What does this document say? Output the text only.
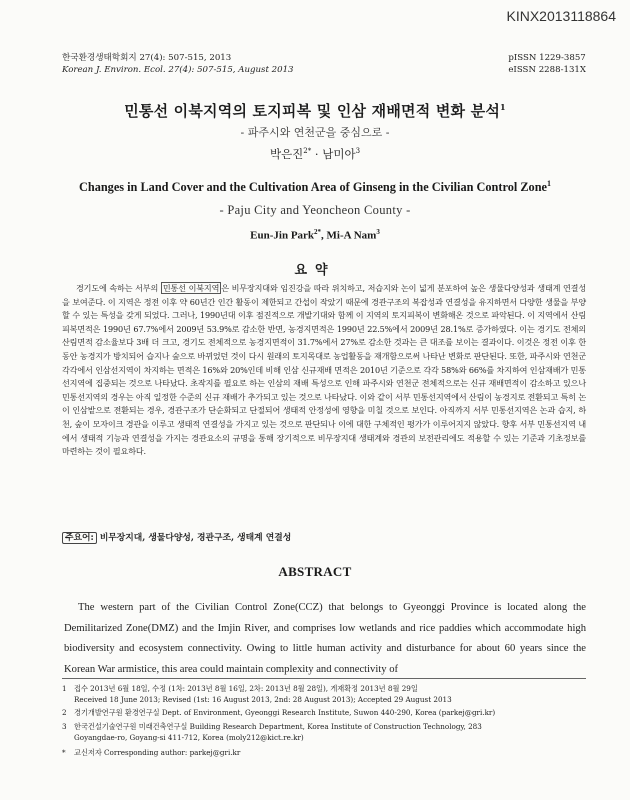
KINX2013118864
한국환경생태학회지 27(4): 507-515, 2013
Korean J. Environ. Ecol. 27(4): 507-515, August 2013
pISSN 1229-3857
eISSN 2288-131X
민통선 이북지역의 토지피복 및 인삼 재배면적 변화 분석$^1$
- 파주시와 연천군을 중심으로 -
박은진$^{2*}$ · 남미아$^3$
Changes in Land Cover and the Cultivation Area of Ginseng in the Civilian Control Zone$^1$
- Paju City and Yeoncheon County -
Eun-Jin Park$^{2*}$, Mi-A Nam$^3$
요약
경기도에 속하는 서부의 민통선 이북지역 은 비무장지대와 임진강을 따라 위치하고, 저습지와 논이 넓게 분포하여 높은 생물다양성과 생태계 연결성을 보여준다. 이 지역은 정전 이후 약 60년간 인간 활동이 제한되고 간섭이 작았기 때문에 경관구조의 복잡성과 연결성을 유지하면서 다양한 생물을 부양할 수 있는 특성을 갖게 되었다. 그러나, 1990년대 이후 점진적으로 개발기대와 함께 이 지역의 토지피복이 변화해온 것으로 파악된다. 이 지역에서 산림 피복면적은 1990년 67.7%에서 2009년 53.9%로 감소한 반면, 농경지면적은 1990년 22.5%에서 2009년 28.1%로 증가하였다. 이는 경기도 전체의 산림면적 감소율보다 3배 더 크고, 경기도 전체적으로 농경지면적이 31.7%에서 27%로 감소한 것과는 큰 대조를 보이는 결과이다. 이것은 정전 이후 한동안 농경지가 방치되어 습지나 숲으로 바뀌었던 것이 다시 원래의 토지목대로 농업활동을 재개함으로써 나타난 변화로 판단된다. 또한, 파주시와 연천군 각각에서 인삼선지역이 차지하는 면적은 16%와 20%인데 비해 인삼 신규재배 면적은 2010년 기준으로 각각 58%와 66%를 차지하여 인삼재배가 민통선지역에 집중되는 것으로 나타났다. 초작지를 필요로 하는 인삼의 재배 특성으로 인해 파주시와 연천군 전체적으로는 신규 재배면적이 감소하고 있으나 민통선지역의 경우는 아직 일정한 수준의 신규 재배가 추가되고 있는 것으로 나타났다. 이와 같이 서부 민통선지역에서 산림이 농경지로 전환되고 특히 논이 인삼밭으로 전환되는 경우, 경관구조가 단순화되고 단절되어 생태적 안정성에 영향을 미칠 것으로 보인다. 아직까지 서부 민통선지역은 논과 습지, 하천, 숲이 모자이크 경관을 이루고 생태적 연결성을 가지고 있는 것으로 판단되나 이에 대한 구체적인 평가가 이루어지지 않았다. 향후 서부 민통선지역 내에서 생태적 기능과 연결성을 가지는 경관요소의 규명을 통해 장기적으로 비무장지대 생태계와 경관의 보전관리에도 적용할 수 있는 기준과 기초정보를 마련하는 것이 필요하다.
주요어: 비무장지대, 생물다양성, 경관구조, 생태계 연결성
ABSTRACT
The western part of the Civilian Control Zone(CCZ) that belongs to Gyeonggi Province is located along the Demilitarized Zone(DMZ) and the Imjin River, and comprises low wetlands and rice paddies which accommodate high biodiversity and ecosystem connectivity. Owing to little human activity and disturbance for about 60 years since the Korean War armistice, this area could maintain complexity and connectivity of
1 접수 2013년 6월 18일, 수정 (1차: 2013년 8월 16일, 2차: 2013년 8월 28일), 게재확정 2013년 8월 29일
Received 18 June 2013; Revised (1st: 16 August 2013, 2nd: 28 August 2013); Accepted 29 August 2013
2 경기개발연구원 환경연구실 Dept. of Environment, Gyeonggi Research Institute, Suwon 440-290, Korea (parkej@gri.kr)
3 한국건설기술연구원 미래건축연구실 Building Research Department, Korea Institute of Construction Technology, 283
Goyangdae-ro, Goyang-si 411-712, Korea (moly212@kict.re.kr)
* 교신저자 Corresponding author: parkej@gri.kr
